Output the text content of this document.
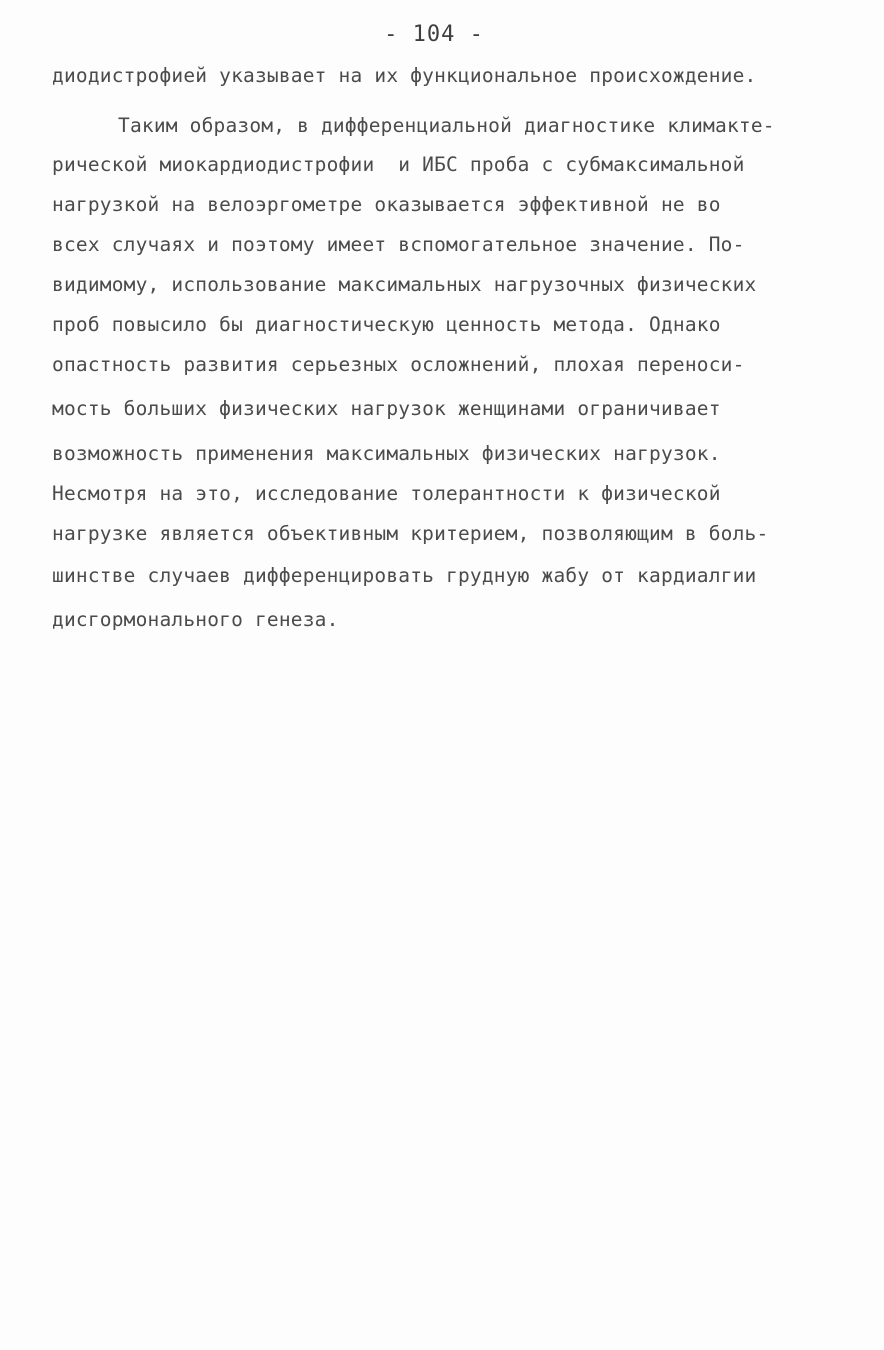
- 104 -
диодистрофией указывает на их функциональное происхождение.
Таким образом, в дифференциальной диагностике климакте-
рической миокардиодистрофии  и ИБС проба с субмаксимальной
нагрузкой на велоэргометре оказывается эффективной не во
всех случаях и поэтому имеет вспомогательное значение. По-
видимому, использование максимальных нагрузочных физических
проб повысило бы диагностическую ценность метода. Однако
опастность развития серьезных осложнений, плохая переноси-
мость больших физических нагрузок женщинами ограничивает
возможность применения максимальных физических нагрузок.
Несмотря на это, исследование толерантности к физической
нагрузке является объективным критерием, позволяющим в боль-
шинстве случаев дифференцировать грудную жабу от кардиалгии
дисгормонального генеза.
